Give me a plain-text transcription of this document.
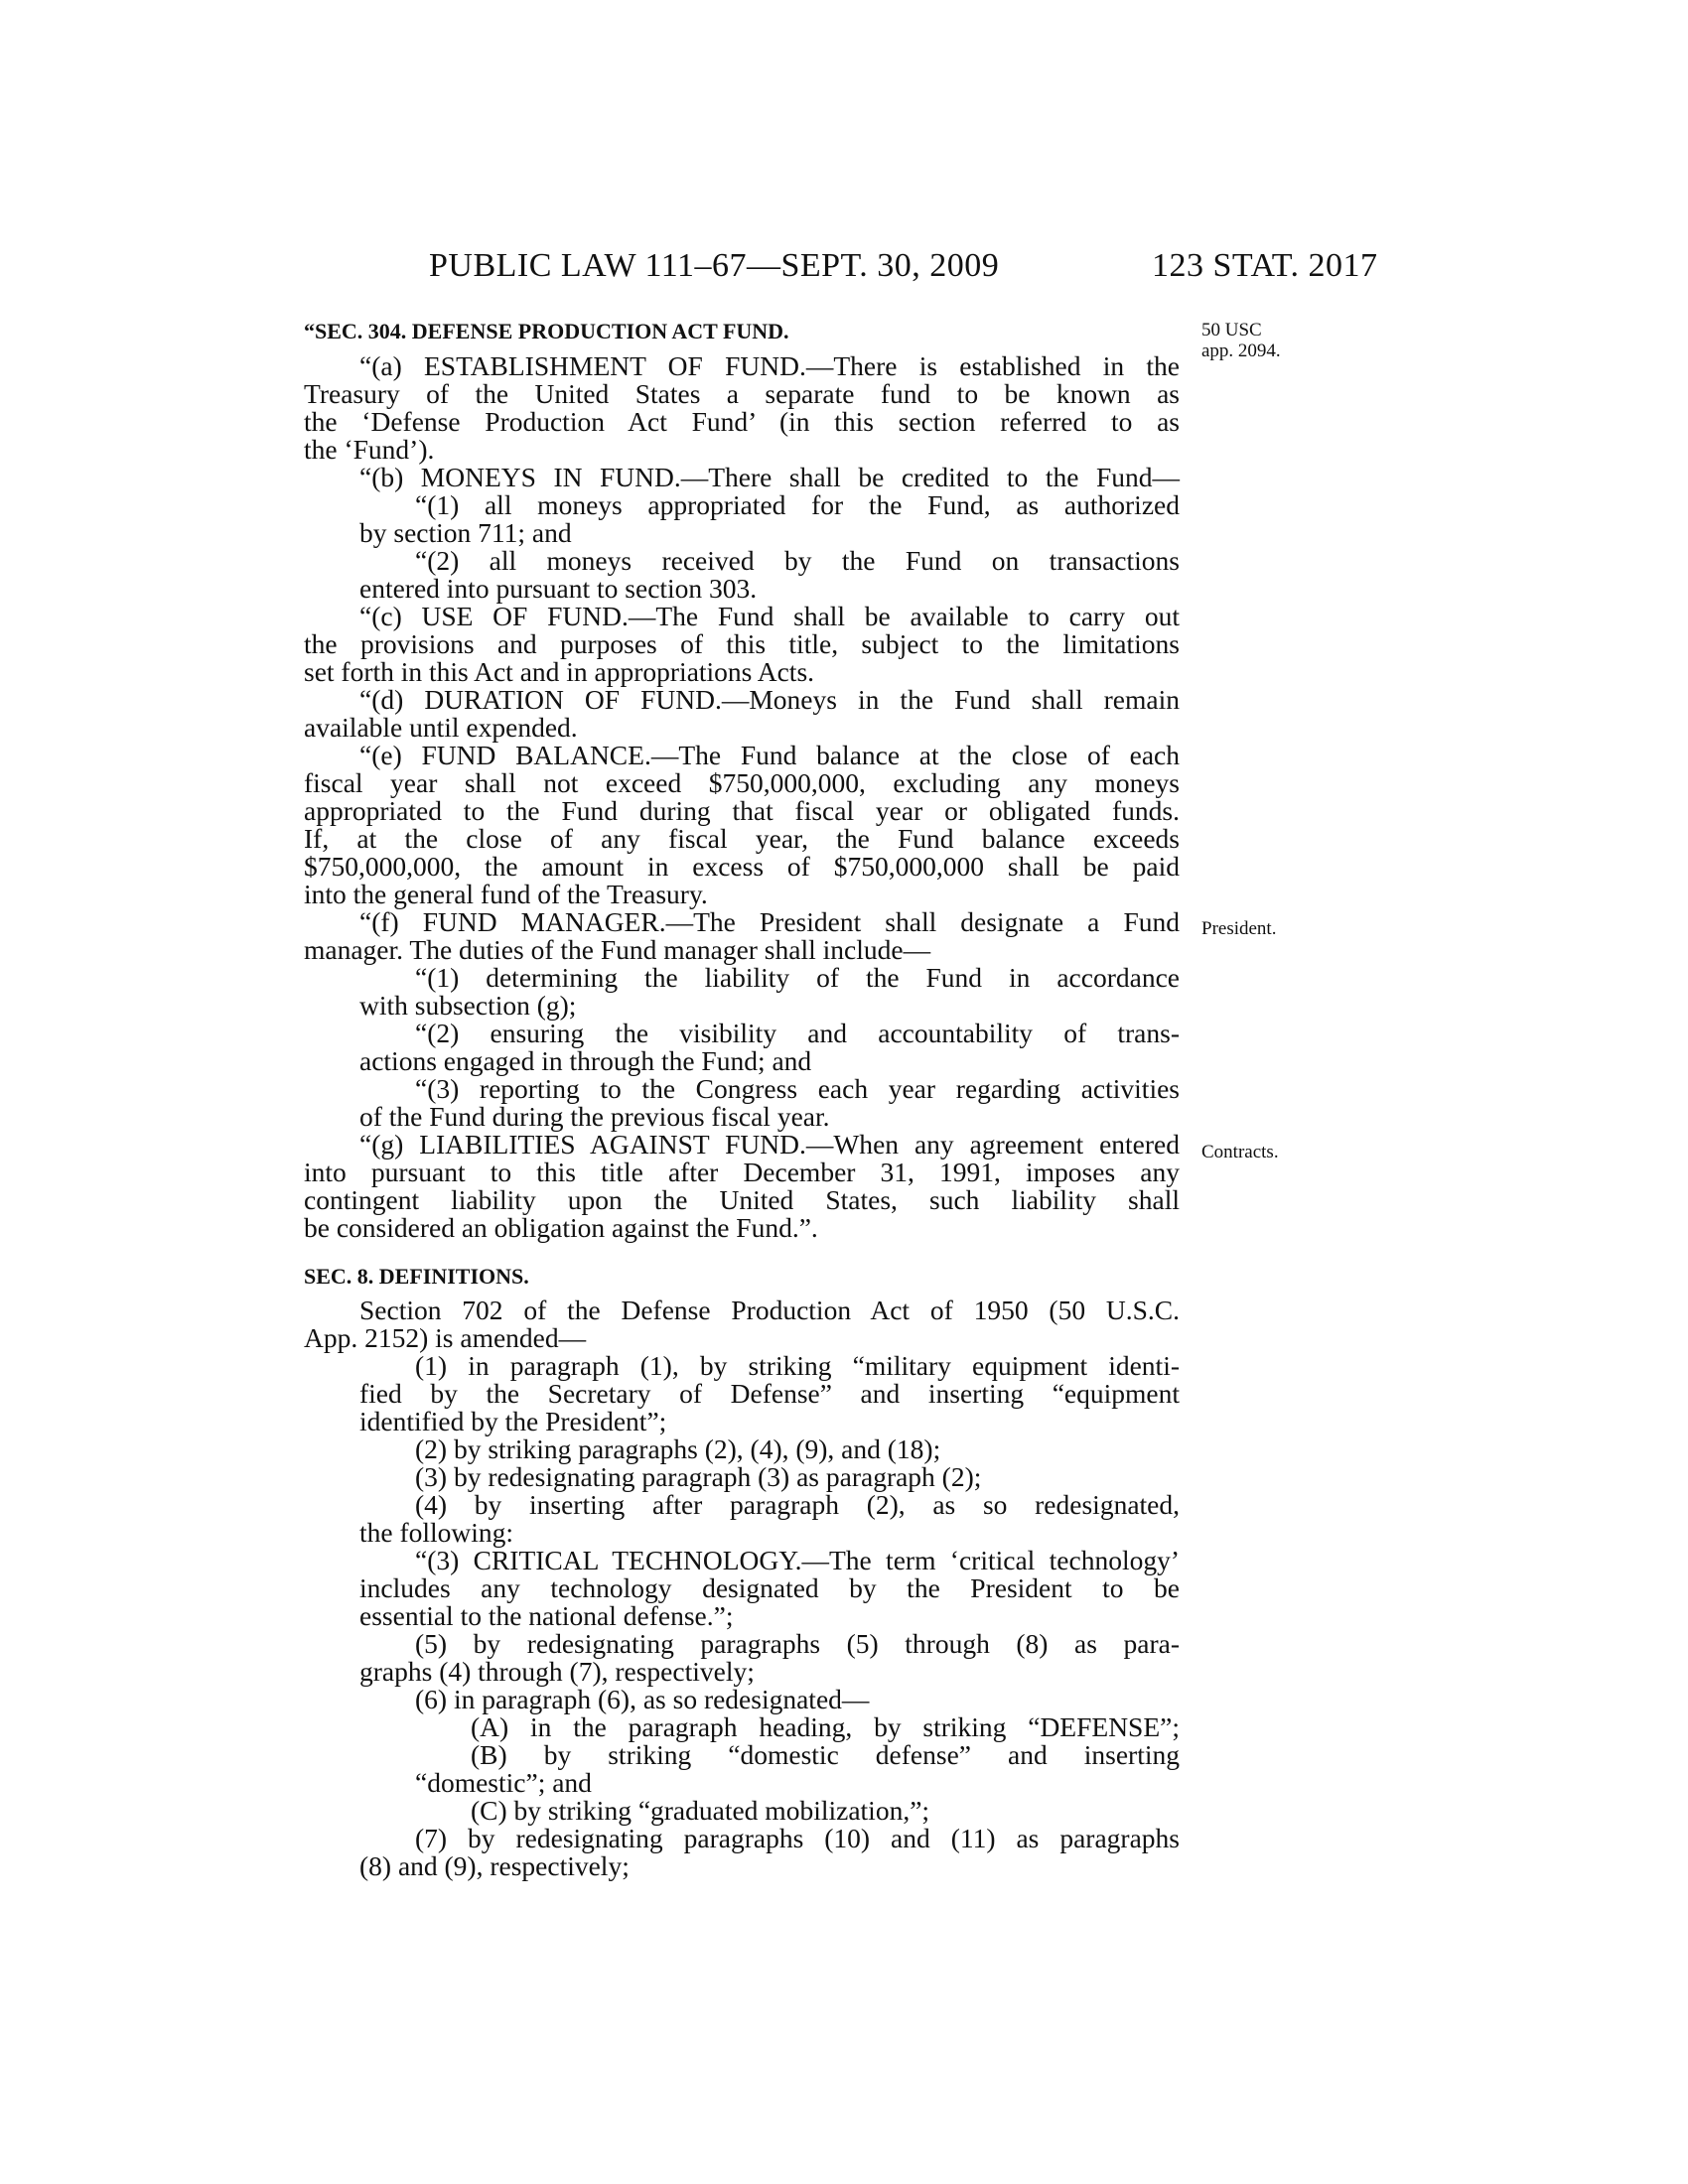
PUBLIC LAW 111–67—SEPT. 30, 2009	123 STAT. 2017
50 USC
app. 2094.
President.
Contracts.
“SEC. 304. DEFENSE PRODUCTION ACT FUND.
“(a) ESTABLISHMENT OF FUND.—There is established in the
Treasury of the United States a separate fund to be known as
the ‘Defense Production Act Fund’ (in this section referred to as
the ‘Fund’).
“(b) MONEYS IN FUND.—There shall be credited to the Fund—
“(1) all moneys appropriated for the Fund, as authorized
by section 711; and
“(2) all moneys received by the Fund on transactions
entered into pursuant to section 303.
“(c) USE OF FUND.—The Fund shall be available to carry out
the provisions and purposes of this title, subject to the limitations
set forth in this Act and in appropriations Acts.
“(d) DURATION OF FUND.—Moneys in the Fund shall remain
available until expended.
“(e) FUND BALANCE.—The Fund balance at the close of each
fiscal year shall not exceed $750,000,000, excluding any moneys
appropriated to the Fund during that fiscal year or obligated funds.
If, at the close of any fiscal year, the Fund balance exceeds
$750,000,000, the amount in excess of $750,000,000 shall be paid
into the general fund of the Treasury.
“(f) FUND MANAGER.—The President shall designate a Fund
manager. The duties of the Fund manager shall include—
“(1) determining the liability of the Fund in accordance
with subsection (g);
“(2) ensuring the visibility and accountability of trans-
actions engaged in through the Fund; and
“(3) reporting to the Congress each year regarding activities
of the Fund during the previous fiscal year.
“(g) LIABILITIES AGAINST FUND.—When any agreement entered
into pursuant to this title after December 31, 1991, imposes any
contingent liability upon the United States, such liability shall
be considered an obligation against the Fund.”.
SEC. 8. DEFINITIONS.
Section 702 of the Defense Production Act of 1950 (50 U.S.C.
App. 2152) is amended—
(1) in paragraph (1), by striking “military equipment identi-
fied by the Secretary of Defense” and inserting “equipment
identified by the President”;
(2) by striking paragraphs (2), (4), (9), and (18);
(3) by redesignating paragraph (3) as paragraph (2);
(4) by inserting after paragraph (2), as so redesignated,
the following:
“(3) CRITICAL TECHNOLOGY.—The term ‘critical technology’
includes any technology designated by the President to be
essential to the national defense.”;
(5) by redesignating paragraphs (5) through (8) as para-
graphs (4) through (7), respectively;
(6) in paragraph (6), as so redesignated—
(A) in the paragraph heading, by striking “DEFENSE”;
(B) by striking “domestic defense” and inserting
“domestic”; and
(C) by striking “graduated mobilization,”;
(7) by redesignating paragraphs (10) and (11) as paragraphs
(8) and (9), respectively;
